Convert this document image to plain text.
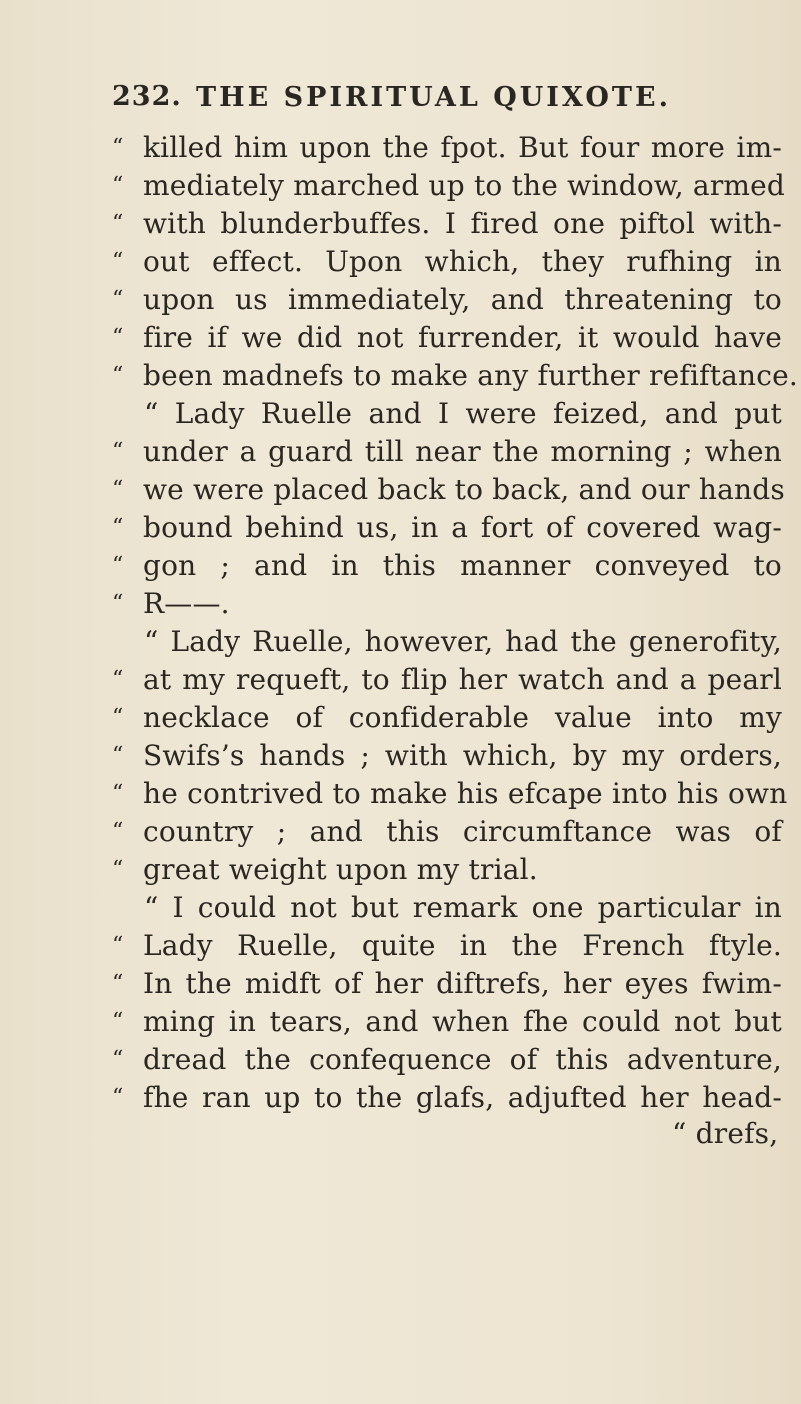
232. THE SPIRITUAL QUIXOTE.
“ killed him upon the fpot. But four more im-
“ mediately marched up to the window, armed
“ with blunderbuffes. I fired one piftol with-
“ out effect. Upon which, they rufhing in
“ upon us immediately, and threatening to
“ fire if we did not furrender, it would have
“ been madnefs to make any further refiftance.
“ Lady Ruelle and I were feized, and put
“ under a guard till near the morning ; when
“ we were placed back to back, and our hands
“ bound behind us, in a fort of covered wag-
“ gon ; and in this manner conveyed to
“ R——.
“ Lady Ruelle, however, had the generofity,
“ at my requeft, to flip her watch and a pearl
“ necklace of confiderable value into my
“ Swifs’s hands ; with which, by my orders,
“ he contrived to make his efcape into his own
“ country ; and this circumftance was of
“ great weight upon my trial.
“ I could not but remark one particular in
“ Lady Ruelle, quite in the French ftyle.
“ In the midft of her diftrefs, her eyes fwim-
“ ming in tears, and when fhe could not but
“ dread the confequence of this adventure,
“ fhe ran up to the glafs, adjufted her head-
“ drefs,
